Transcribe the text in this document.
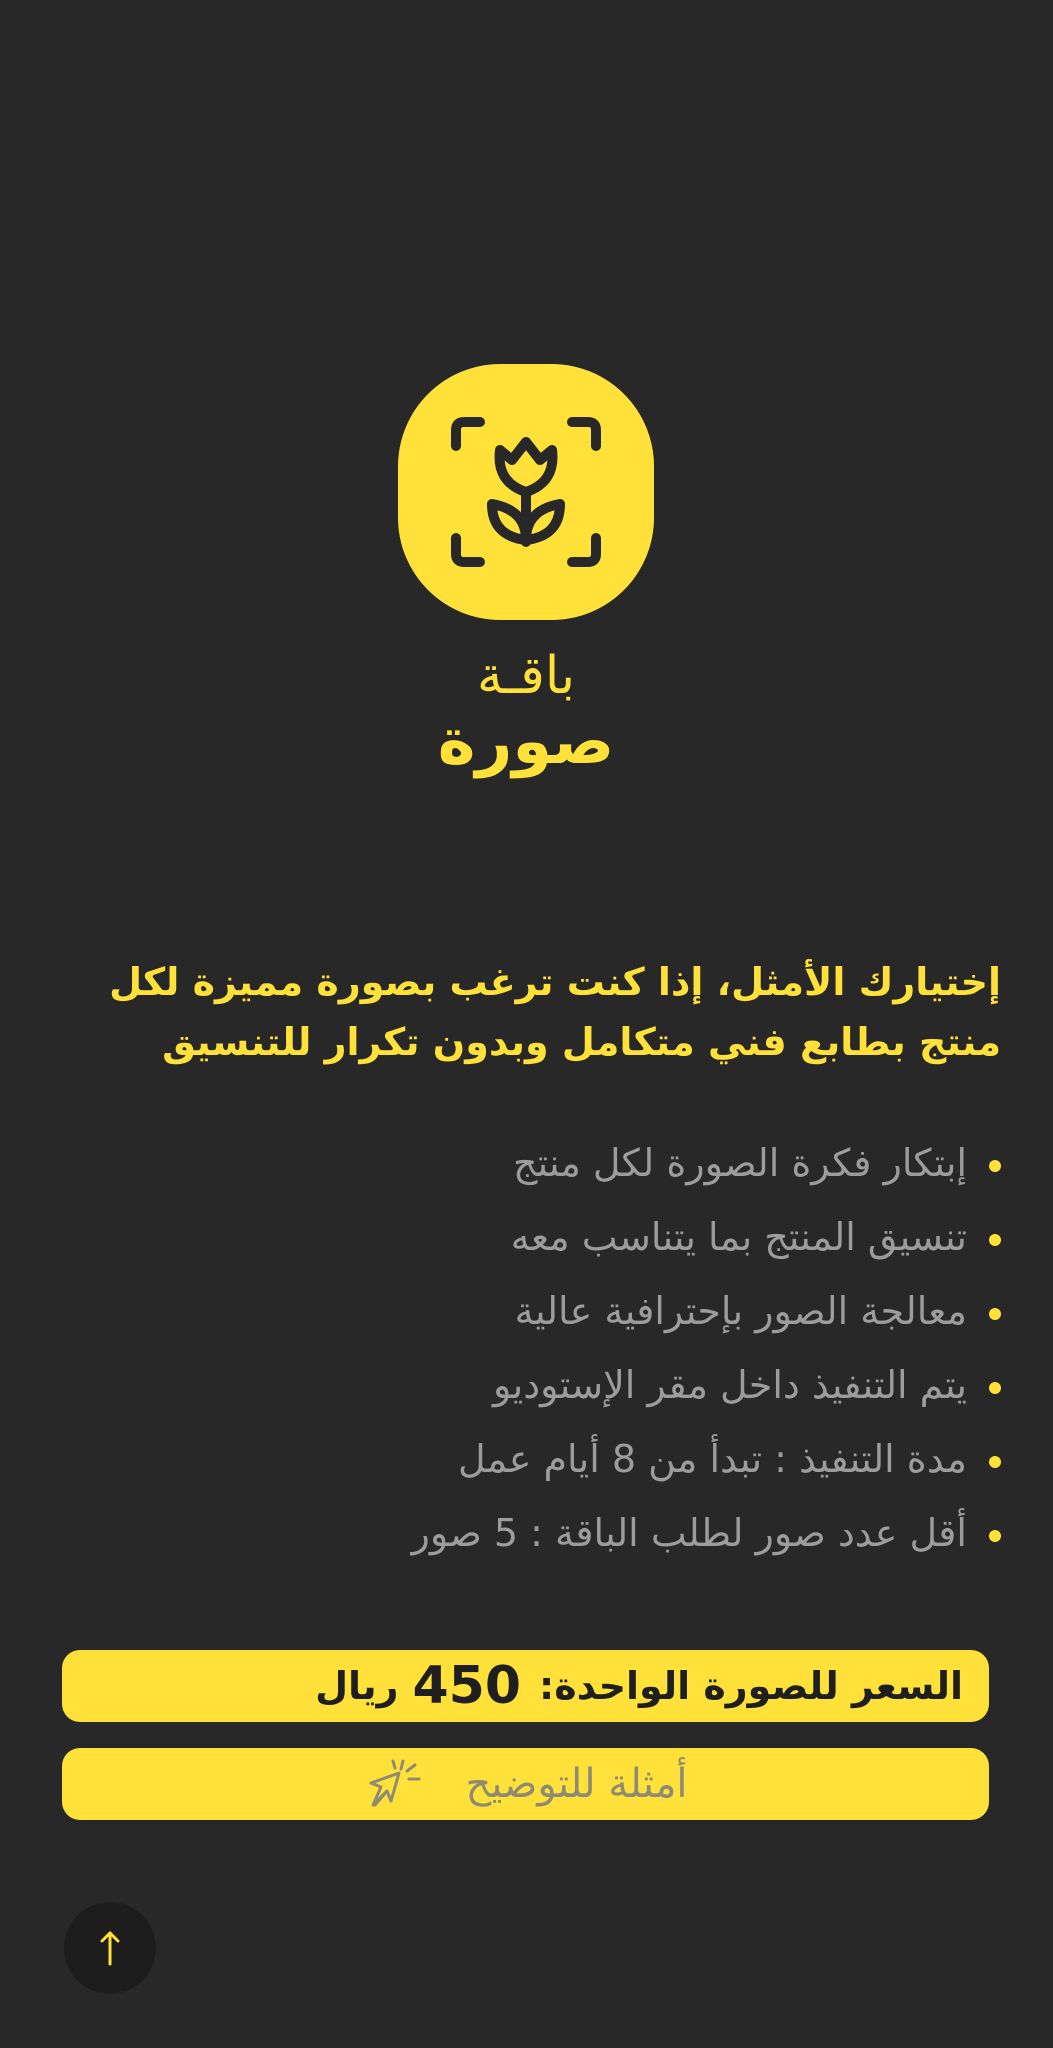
باقـة
صورة

إختيارك الأمثل، إذا كنت ترغب بصورة مميزة لكل منتج بطابع فني متكامل وبدون تكرار للتنسيق

إبتكار فكرة الصورة لكل منتج
تنسيق المنتج بما يتناسب معه
معالجة الصور بإحترافية عالية
يتم التنفيذ داخل مقر الإستوديو
مدة التنفيذ : تبدأ من 8 أيام عمل
أقل عدد صور لطلب الباقة : 5 صور
السعر للصورة الواحدة:
450
ريال
أمثلة للتوضيح
